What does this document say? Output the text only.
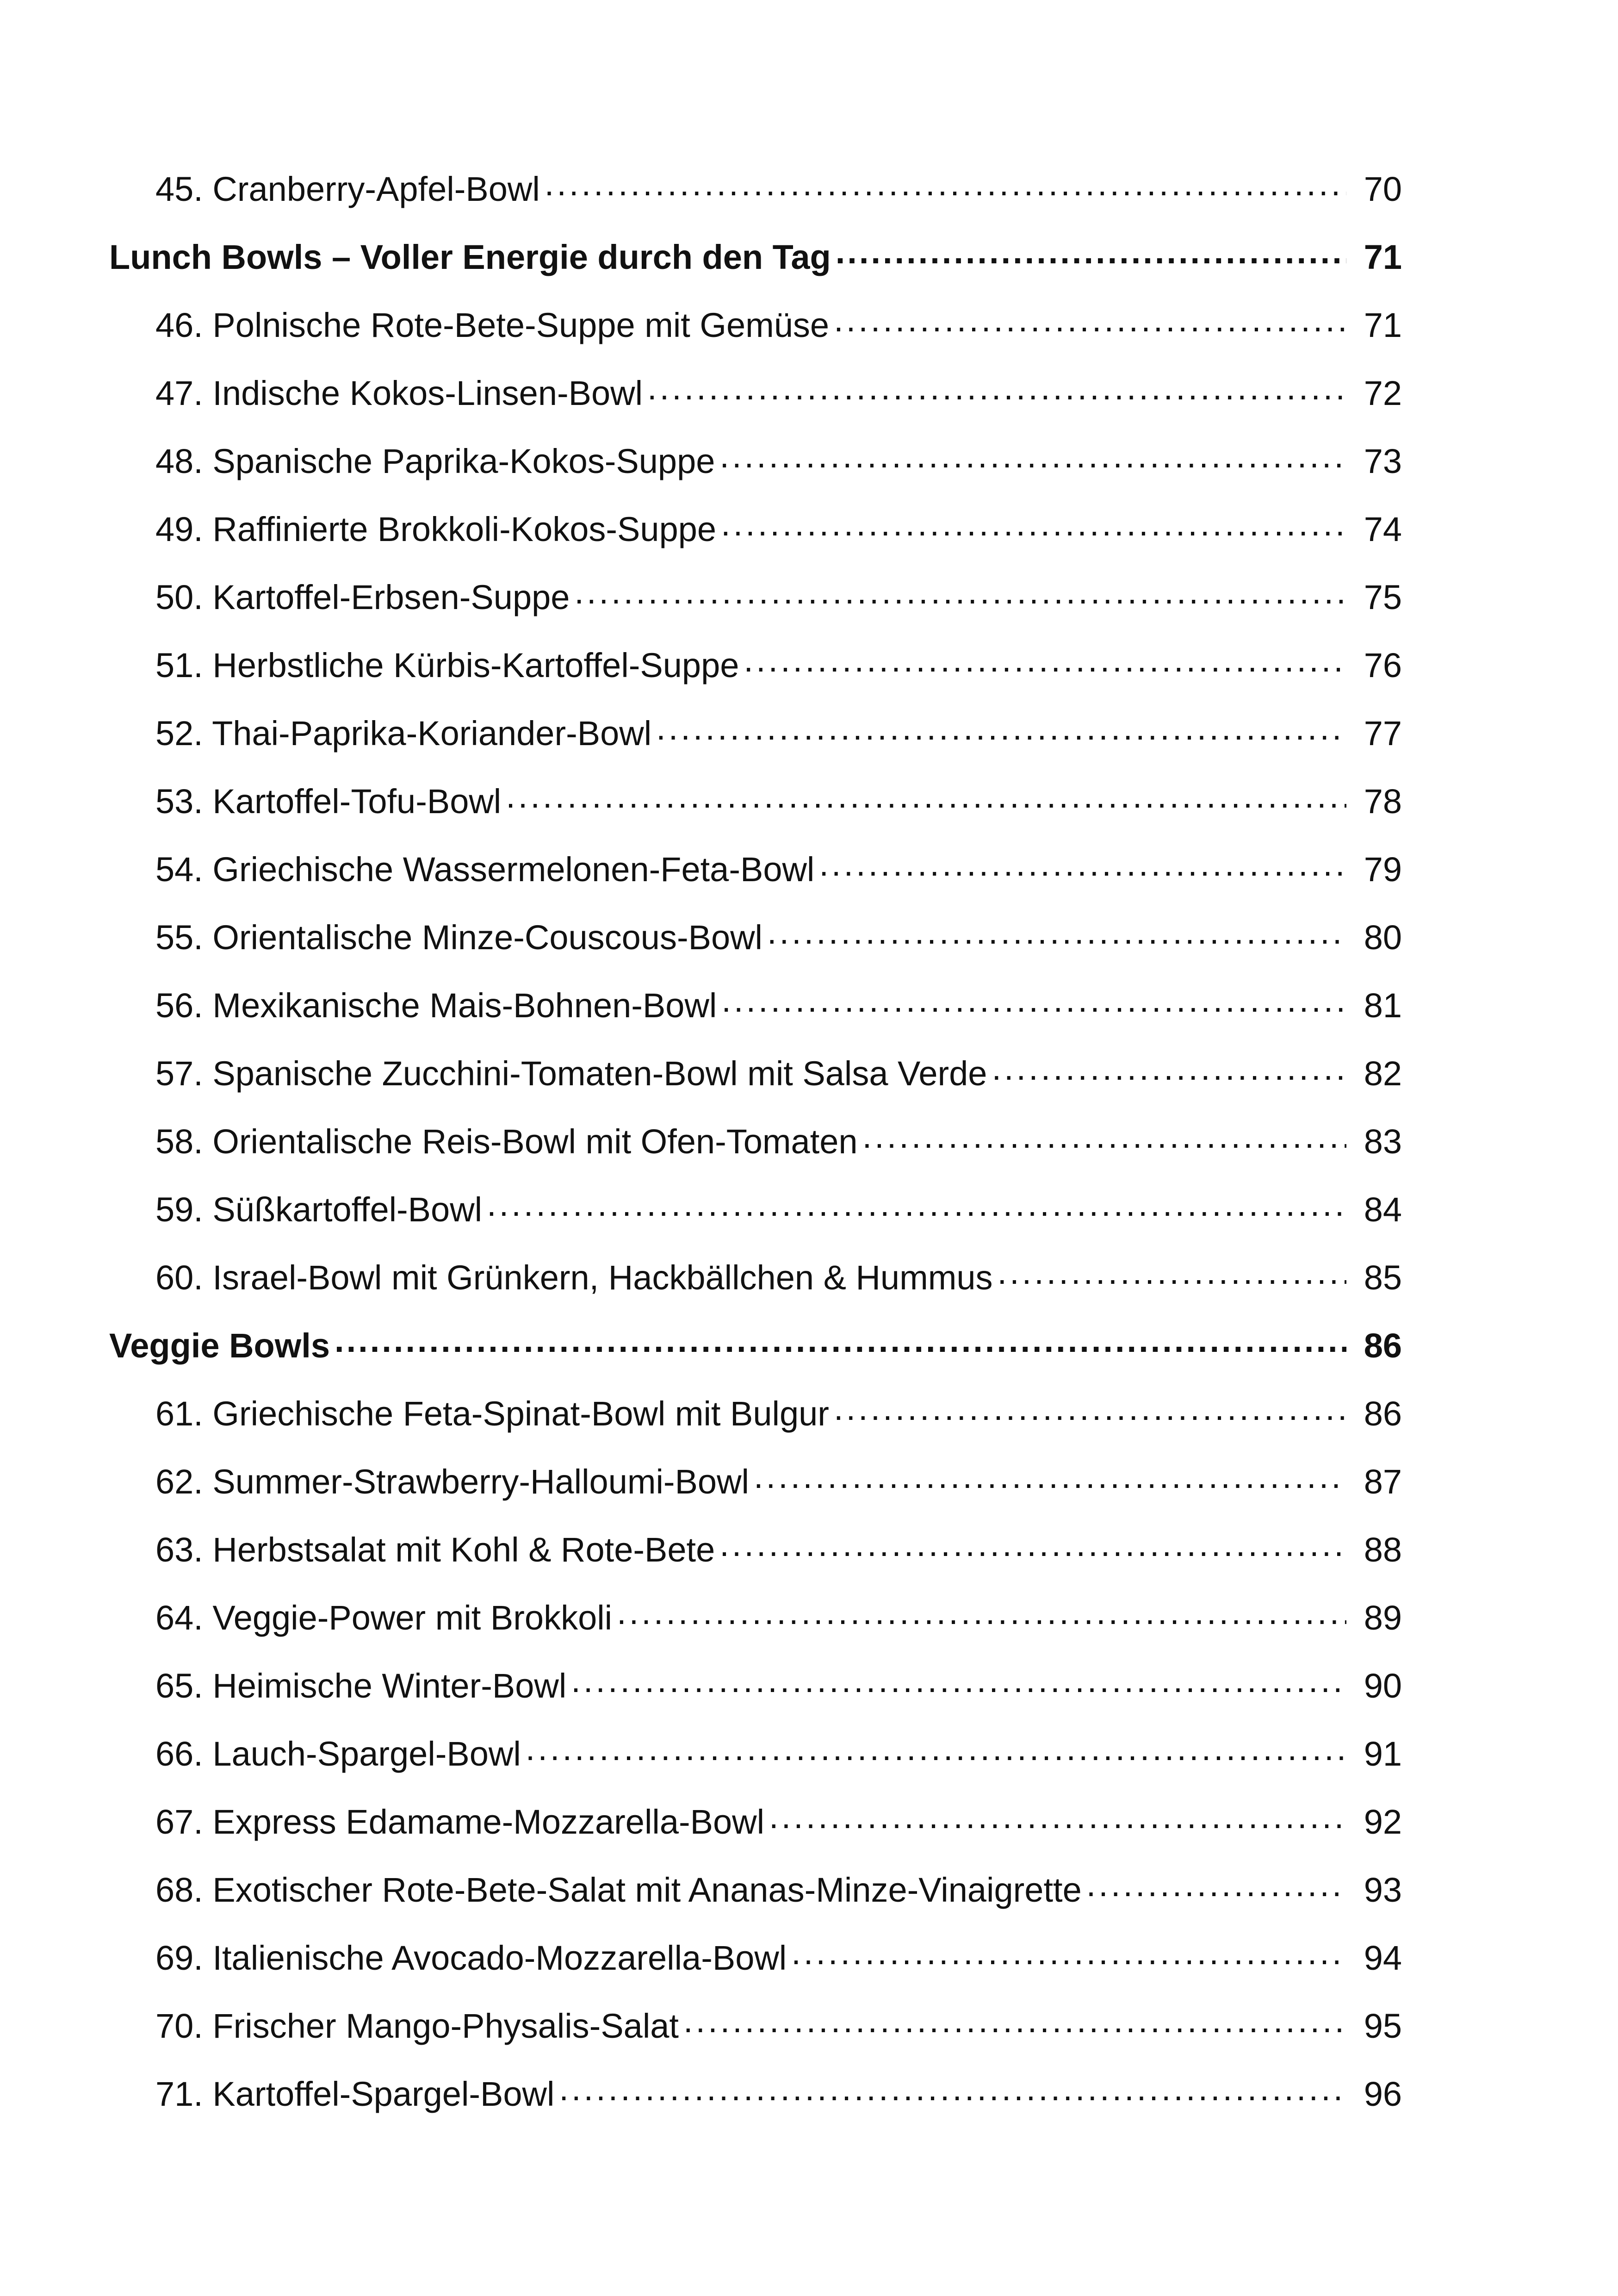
45. Cranberry-Apfel-Bowl .....	70
Lunch Bowls – Voller Energie durch den Tag .....	71
46. Polnische Rote-Bete-Suppe mit Gemüse .....	71
47. Indische Kokos-Linsen-Bowl .....	72
48. Spanische Paprika-Kokos-Suppe .....	73
49. Raffinierte Brokkoli-Kokos-Suppe .....	74
50. Kartoffel-Erbsen-Suppe .....	75
51. Herbstliche Kürbis-Kartoffel-Suppe .....	76
52. Thai-Paprika-Koriander-Bowl .....	77
53. Kartoffel-Tofu-Bowl .....	78
54. Griechische Wassermelonen-Feta-Bowl .....	79
55. Orientalische Minze-Couscous-Bowl .....	80
56. Mexikanische Mais-Bohnen-Bowl .....	81
57. Spanische Zucchini-Tomaten-Bowl mit Salsa Verde .....	82
58. Orientalische Reis-Bowl mit Ofen-Tomaten .....	83
59. Süßkartoffel-Bowl .....	84
60. Israel-Bowl mit Grünkern, Hackbällchen & Hummus .....	85
Veggie Bowls .....	86
61. Griechische Feta-Spinat-Bowl mit Bulgur .....	86
62. Summer-Strawberry-Halloumi-Bowl .....	87
63. Herbstsalat mit Kohl & Rote-Bete .....	88
64. Veggie-Power mit Brokkoli .....	89
65. Heimische Winter-Bowl .....	90
66. Lauch-Spargel-Bowl .....	91
67. Express Edamame-Mozzarella-Bowl .....	92
68. Exotischer Rote-Bete-Salat mit Ananas-Minze-Vinaigrette .....	93
69. Italienische Avocado-Mozzarella-Bowl .....	94
70. Frischer Mango-Physalis-Salat .....	95
71. Kartoffel-Spargel-Bowl .....	96
